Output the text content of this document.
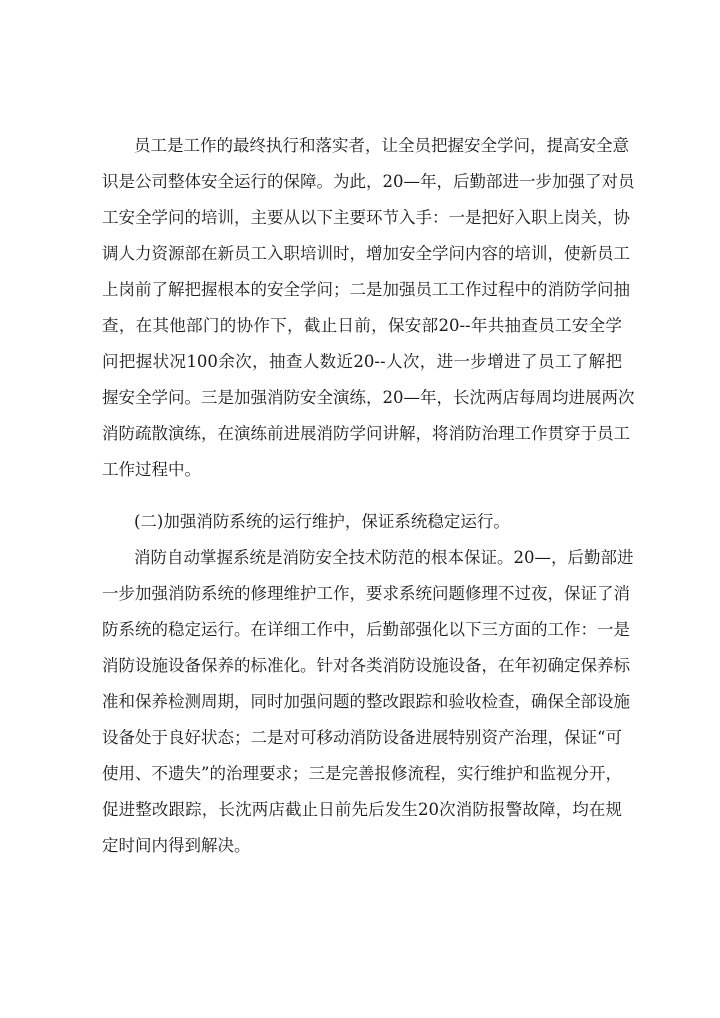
员工是工作的最终执行和落实者，让全员把握安全学问，提高安全意
识是公司整体安全运行的保障。为此，20—年，后勤部进一步加强了对员
工安全学问的培训，主要从以下主要环节入手：一是把好入职上岗关，协
调人力资源部在新员工入职培训时，增加安全学问内容的培训，使新员工
上岗前了解把握根本的安全学问；二是加强员工工作过程中的消防学问抽
查，在其他部门的协作下，截止日前，保安部20--年共抽查员工安全学
问把握状况100余次，抽查人数近20--人次，进一步增进了员工了解把
握安全学问。三是加强消防安全演练，20—年，长沈两店每周均进展两次
消防疏散演练，在演练前进展消防学问讲解，将消防治理工作贯穿于员工
工作过程中。
(二)加强消防系统的运行维护，保证系统稳定运行。
消防自动掌握系统是消防安全技术防范的根本保证。20—，后勤部进
一步加强消防系统的修理维护工作，要求系统问题修理不过夜，保证了消
防系统的稳定运行。在详细工作中，后勤部强化以下三方面的工作：一是
消防设施设备保养的标准化。针对各类消防设施设备，在年初确定保养标
准和保养检测周期，同时加强问题的整改跟踪和验收检查，确保全部设施
设备处于良好状态；二是对可移动消防设备进展特别资产治理，保证“可
使用、不遗失”的治理要求；三是完善报修流程，实行维护和监视分开，
促进整改跟踪，长沈两店截止日前先后发生20次消防报警故障，均在规
定时间内得到解决。
